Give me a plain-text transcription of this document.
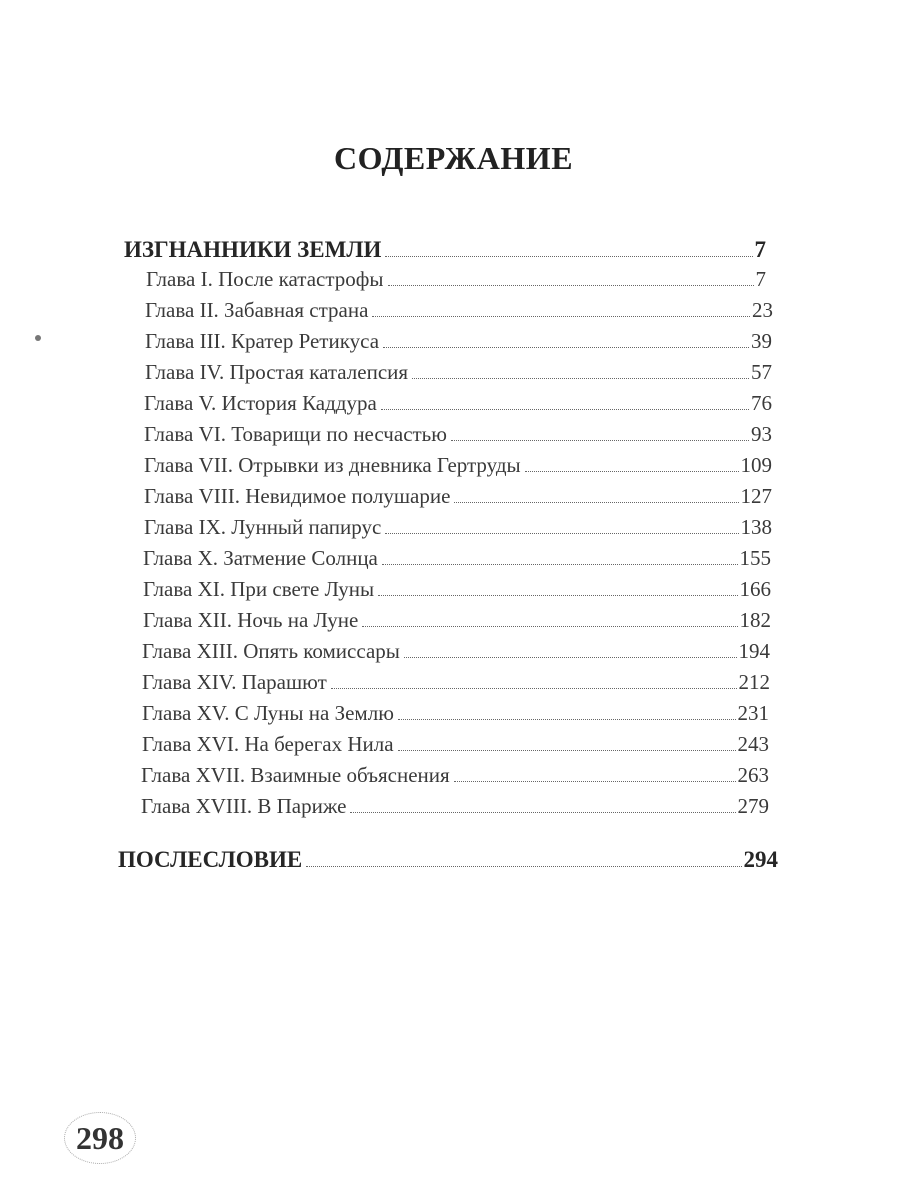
СОДЕРЖАНИЕ
ИЗГНАННИКИ ЗЕМЛИ	7
Глава I. После катастрофы	7
Глава II. Забавная страна	23
Глава III. Кратер Ретикуса	39
Глава IV. Простая каталепсия	57
Глава V. История Каддура	76
Глава VI. Товарищи по несчастью	93
Глава VII. Отрывки из дневника Гертруды	109
Глава VIII. Невидимое полушарие	127
Глава IX. Лунный папирус	138
Глава X. Затмение Солнца	155
Глава XI. При свете Луны	166
Глава XII. Ночь на Луне	182
Глава XIII. Опять комиссары	194
Глава XIV. Парашют	212
Глава XV. С Луны на Землю	231
Глава XVI. На берегах Нила	243
Глава XVII. Взаимные объяснения	263
Глава XVIII. В Париже	279
ПОСЛЕСЛОВИЕ	294
298
